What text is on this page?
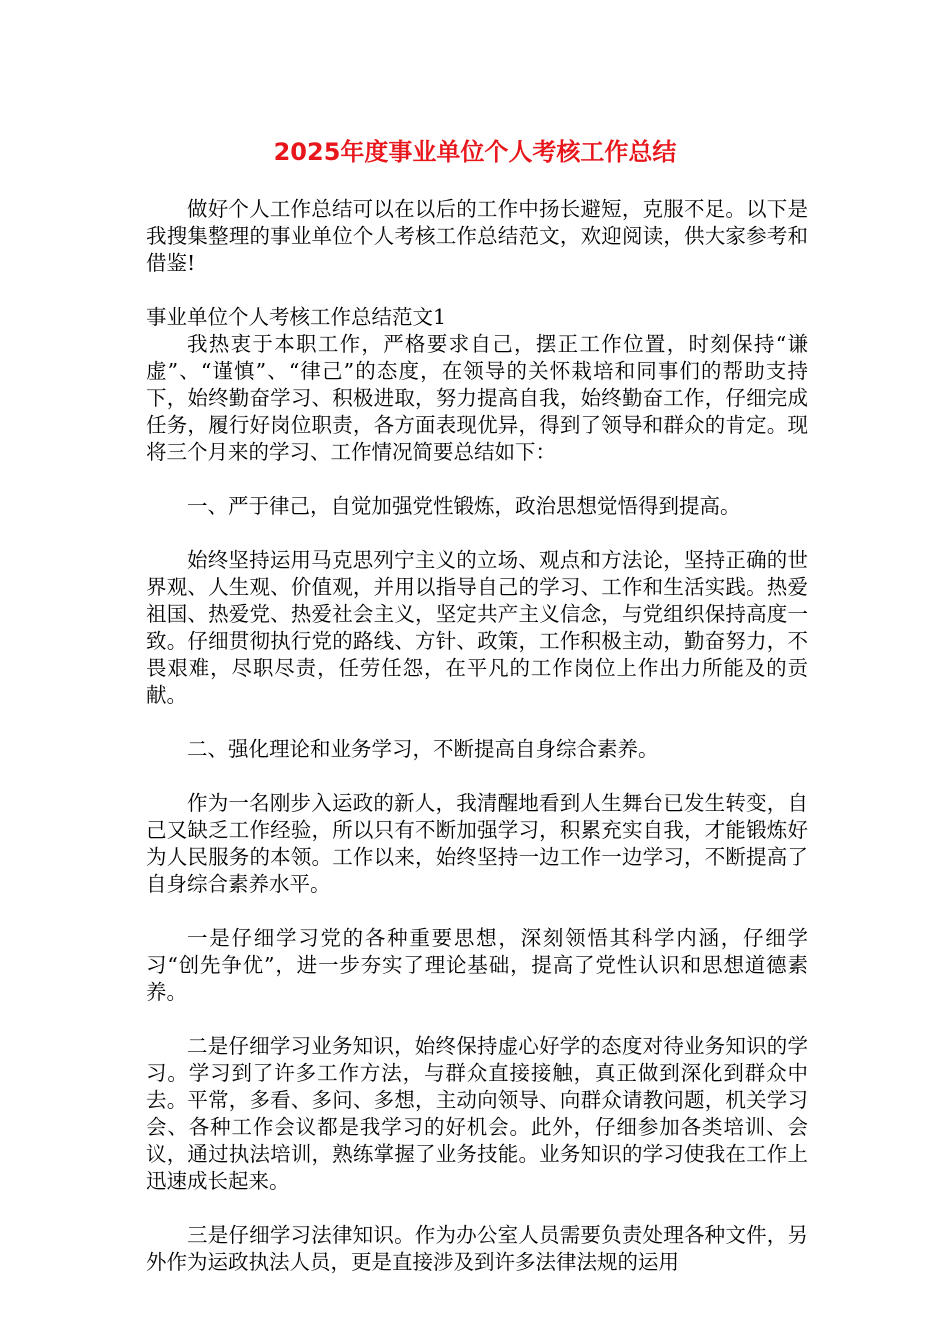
2025年度事业单位个人考核工作总结

做好个人工作总结可以在以后的工作中扬长避短，克服不足。以下是我搜集整理的事业单位个人考核工作总结范文，欢迎阅读，供大家参考和借鉴!

事业单位个人考核工作总结范文1

我热衷于本职工作，严格要求自己，摆正工作位置，时刻保持“谦虚”、“谨慎”、“律己”的态度，在领导的关怀栽培和同事们的帮助支持下，始终勤奋学习、积极进取，努力提高自我，始终勤奋工作，仔细完成任务，履行好岗位职责，各方面表现优异，得到了领导和群众的肯定。现将三个月来的学习、工作情况简要总结如下：

一、严于律己，自觉加强党性锻炼，政治思想觉悟得到提高。

始终坚持运用马克思列宁主义的立场、观点和方法论，坚持正确的世界观、人生观、价值观，并用以指导自己的学习、工作和生活实践。热爱祖国、热爱党、热爱社会主义，坚定共产主义信念，与党组织保持高度一致。仔细贯彻执行党的路线、方针、政策，工作积极主动，勤奋努力，不畏艰难，尽职尽责，任劳任怨，在平凡的工作岗位上作出力所能及的贡献。

二、强化理论和业务学习，不断提高自身综合素养。

作为一名刚步入运政的新人，我清醒地看到人生舞台已发生转变，自己又缺乏工作经验，所以只有不断加强学习，积累充实自我，才能锻炼好为人民服务的本领。工作以来，始终坚持一边工作一边学习，不断提高了自身综合素养水平。

一是仔细学习党的各种重要思想，深刻领悟其科学内涵，仔细学习“创先争优”，进一步夯实了理论基础，提高了党性认识和思想道德素养。

二是仔细学习业务知识，始终保持虚心好学的态度对待业务知识的学习。学习到了许多工作方法，与群众直接接触，真正做到深化到群众中去。平常，多看、多问、多想，主动向领导、向群众请教问题，机关学习会、各种工作会议都是我学习的好机会。此外，仔细参加各类培训、会议，通过执法培训，熟练掌握了业务技能。业务知识的学习使我在工作上迅速成长起来。

三是仔细学习法律知识。作为办公室人员需要负责处理各种文件，另外作为运政执法人员，更是直接涉及到许多法律法规的运用
